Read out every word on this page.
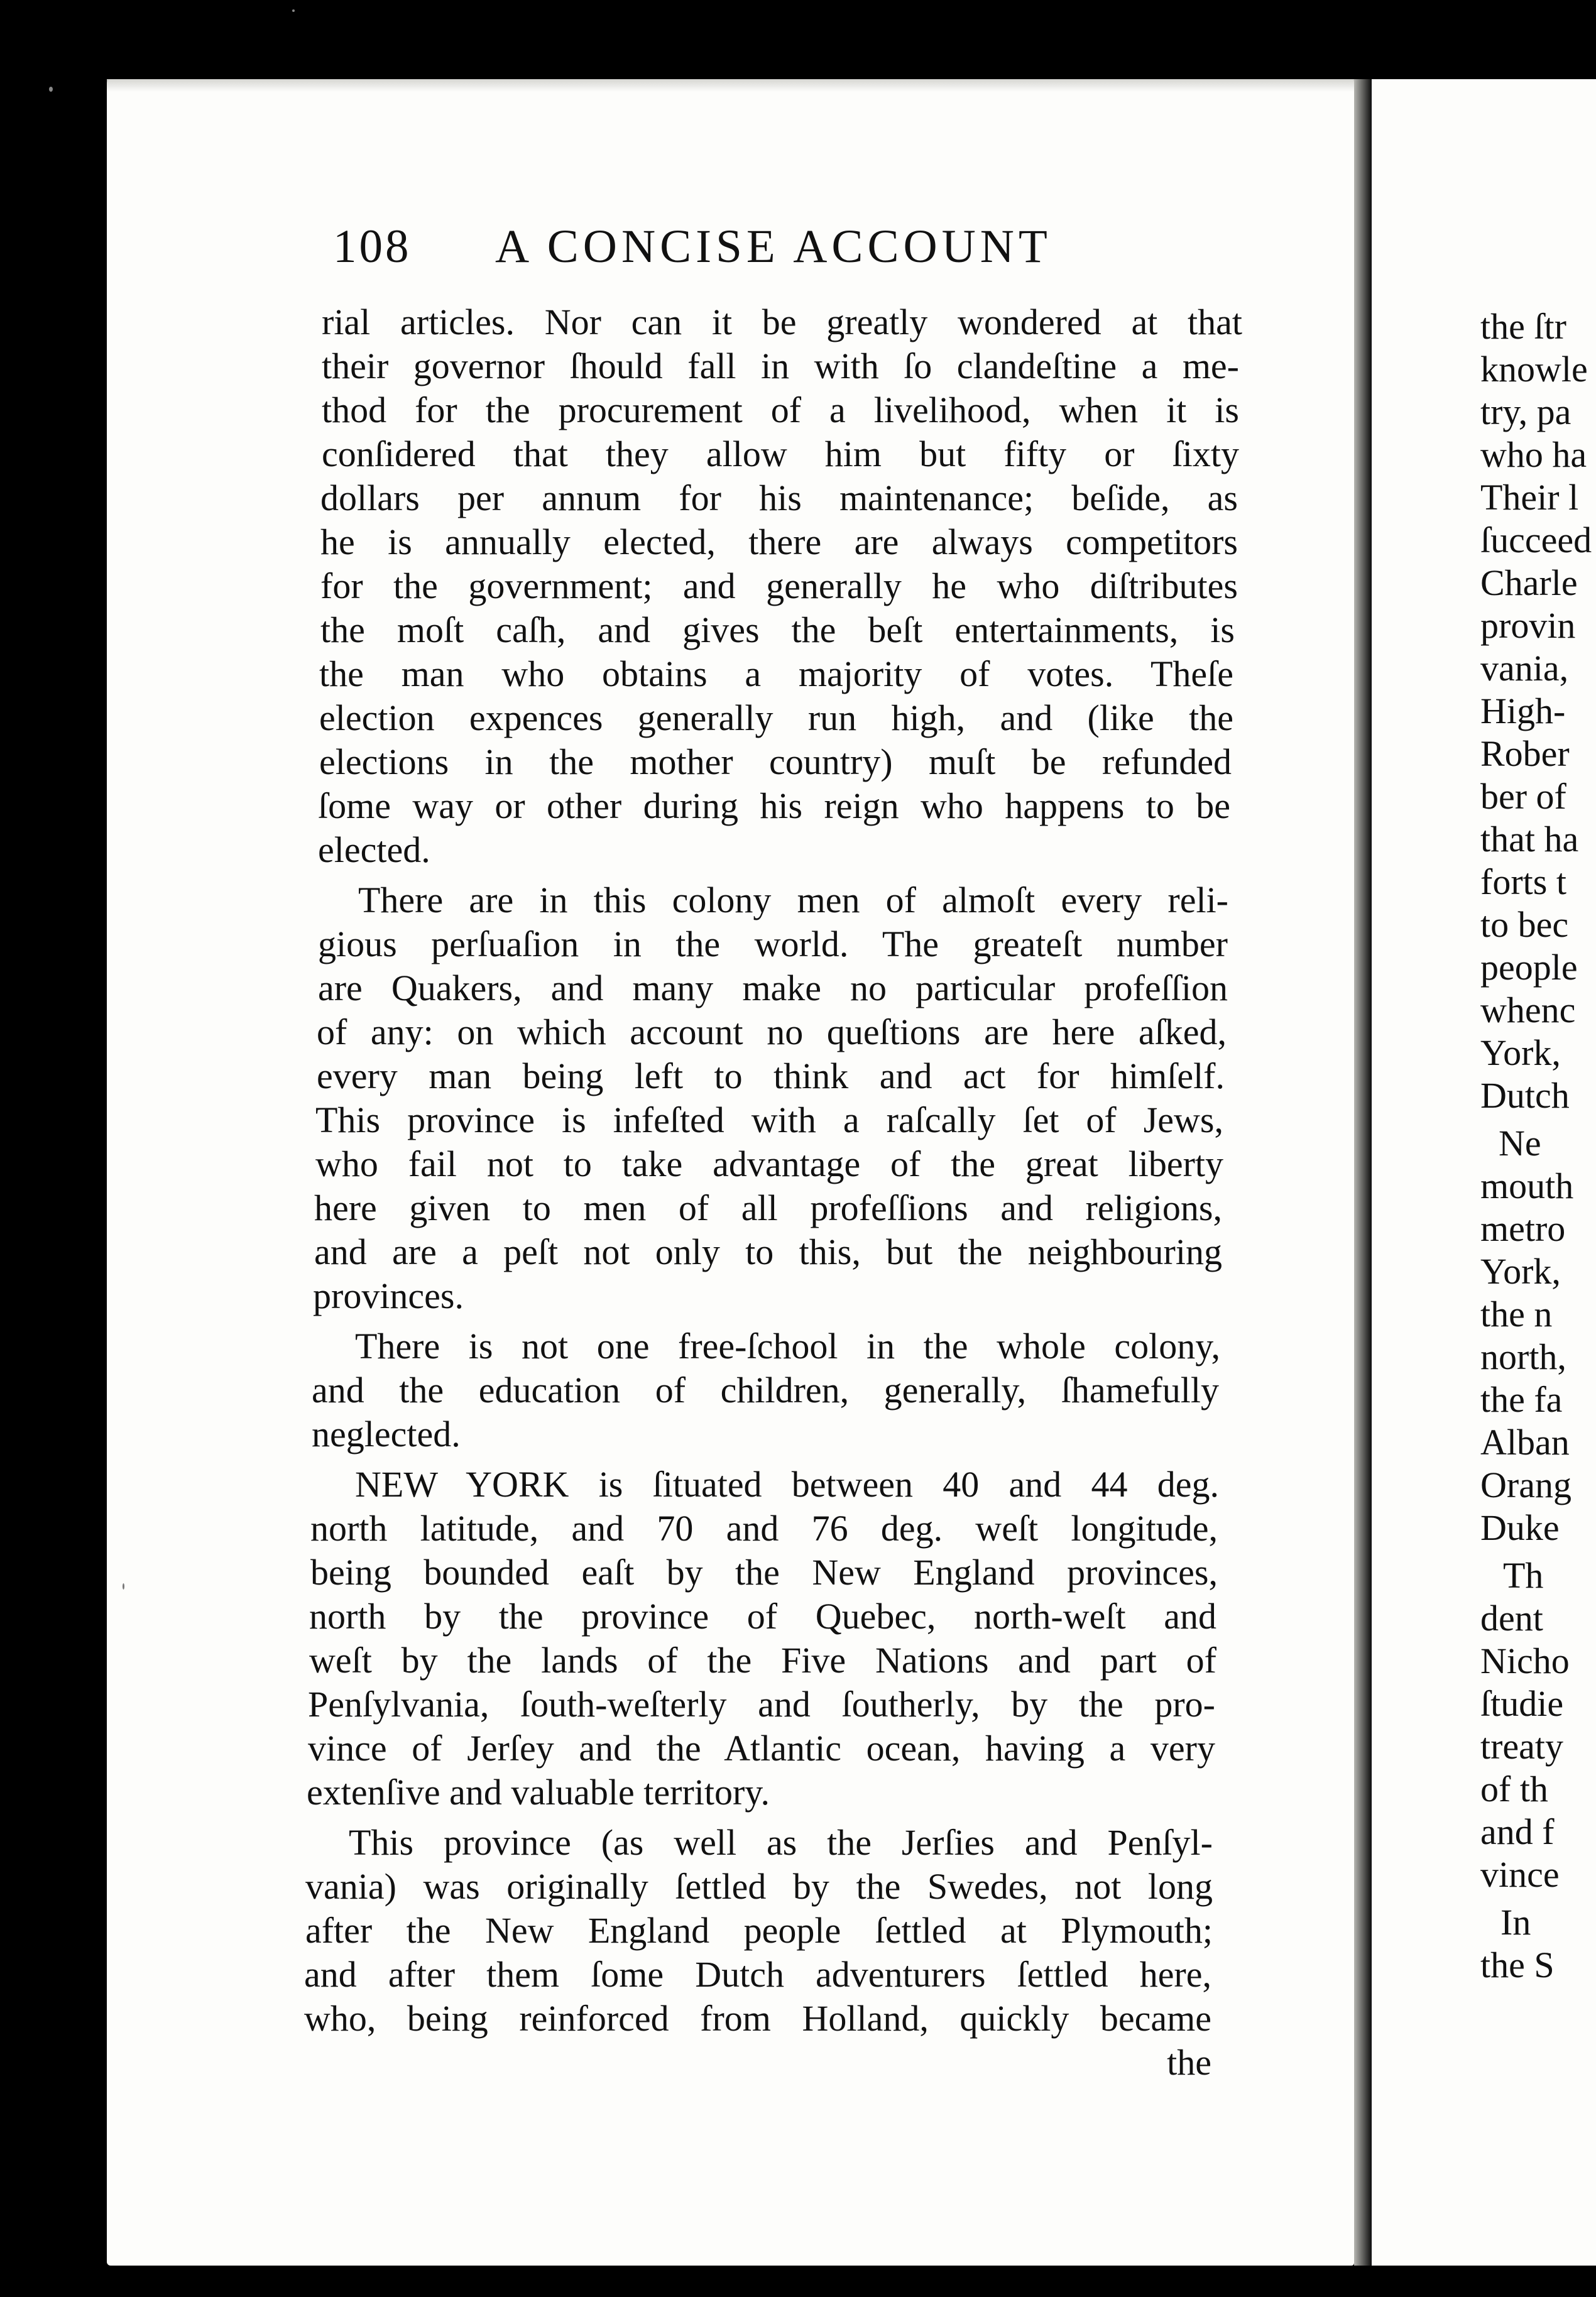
108 A CONCISE ACCOUNT

rial articles. Nor can it be greatly wondered at that

their governor ſhould fall in with ſo clandeſtine a me-

thod for the procurement of a livelihood, when it is

conſidered that they allow him but fifty or ſixty

dollars per annum for his maintenance; beſide, as

he is annually elected, there are always competitors

for the government; and generally he who diſtributes

the moſt caſh, and gives the beſt entertainments, is

the man who obtains a majority of votes. Theſe

election expences generally run high, and (like the

elections in the mother country) muſt be refunded

ſome way or other during his reign who happens to be

elected.

There are in this colony men of almoſt every reli-

gious perſuaſion in the world. The greateſt number

are Quakers, and many make no particular profeſſion

of any: on which account no queſtions are here aſked,

every man being left to think and act for himſelf.

This province is infeſted with a raſcally ſet of Jews,

who fail not to take advantage of the great liberty

here given to men of all profeſſions and religions,

and are a peſt not only to this, but the neighbouring

provinces.

There is not one free-ſchool in the whole colony,

and the education of children, generally, ſhamefully

neglected.

NEW YORK is ſituated between 40 and 44 deg.

north latitude, and 70 and 76 deg. weſt longitude,

being bounded eaſt by the New England provinces,

north by the province of Quebec, north-weſt and

weſt by the lands of the Five Nations and part of

Penſylvania, ſouth-weſterly and ſoutherly, by the pro-

vince of Jerſey and the Atlantic ocean, having a very

extenſive and valuable territory.

This province (as well as the Jerſies and Penſyl-

vania) was originally ſettled by the Swedes, not long

after the New England people ſettled at Plymouth;

and after them ſome Dutch adventurers ſettled here,

who, being reinforced from Holland, quickly became

the

the ſtr

knowle

try, pa

who ha

Their l

ſucceed

Charle

provin

vania,

High-

Rober

ber of

that ha

forts t

to bec

people

whenc

York,

Dutch

Ne

mouth

metro

York,

the n

north,

the fa

Alban

Orang

Duke

Th

dent

Nicho

ſtudie

treaty

of th

and f

vince

In

the S
